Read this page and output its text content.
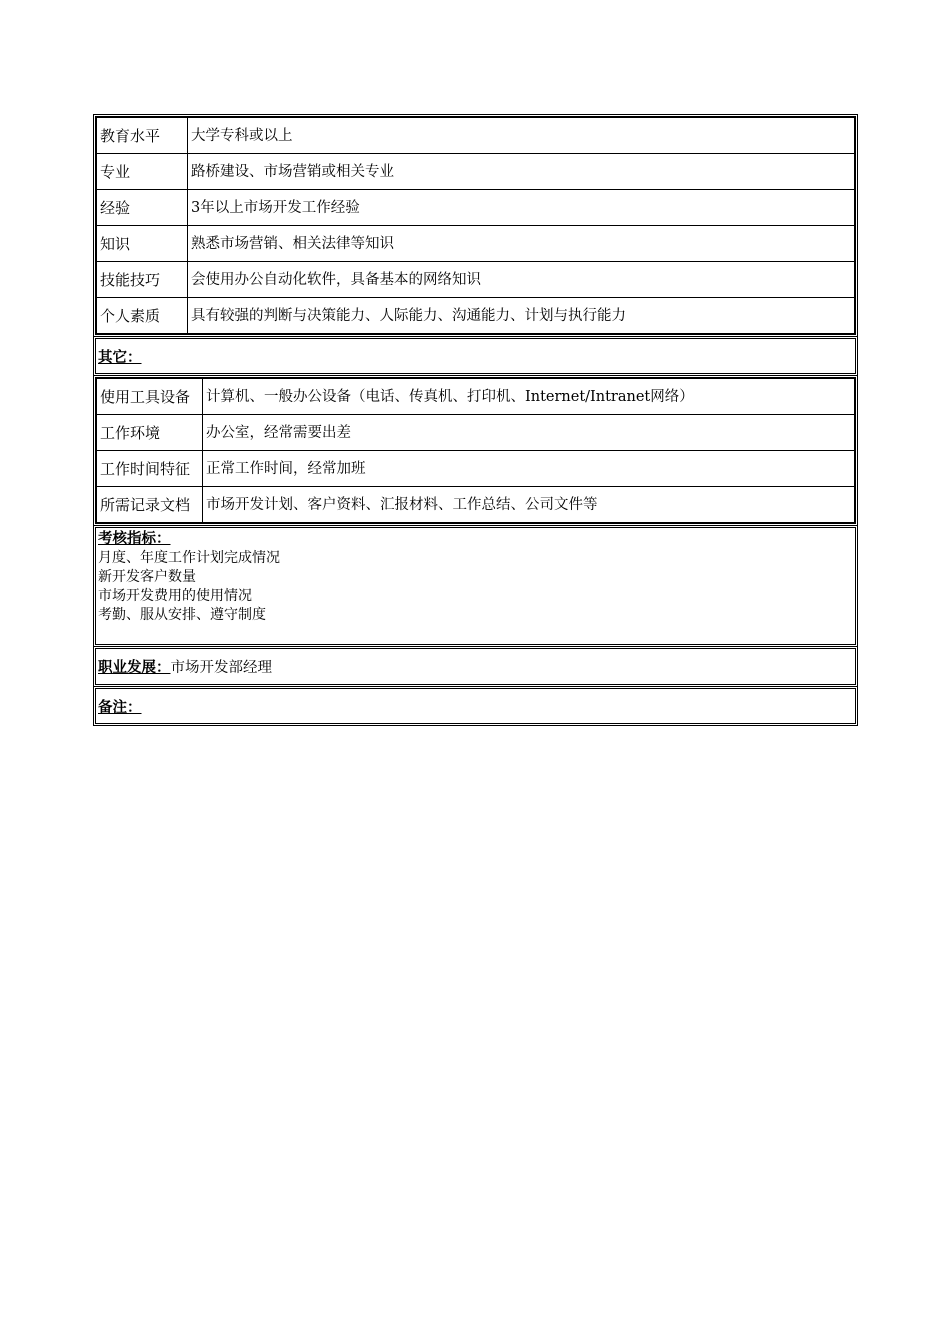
教育水平	大学专科或以上
专业	路桥建设、市场营销或相关专业
经验	3年以上市场开发工作经验
知识	熟悉市场营销、相关法律等知识
技能技巧	会使用办公自动化软件，具备基本的网络知识
个人素质	具有较强的判断与决策能力、人际能力、沟通能力、计划与执行能力
其它：
使用工具设备	计算机、一般办公设备（电话、传真机、打印机、Internet/Intranet网络）
工作环境	办公室，经常需要出差
工作时间特征	正常工作时间，经常加班
所需记录文档	市场开发计划、客户资料、汇报材料、工作总结、公司文件等
考核指标：
月度、年度工作计划完成情况
新开发客户数量
市场开发费用的使用情况
考勤、服从安排、遵守制度
职业发展： 市场开发部经理
备注：
